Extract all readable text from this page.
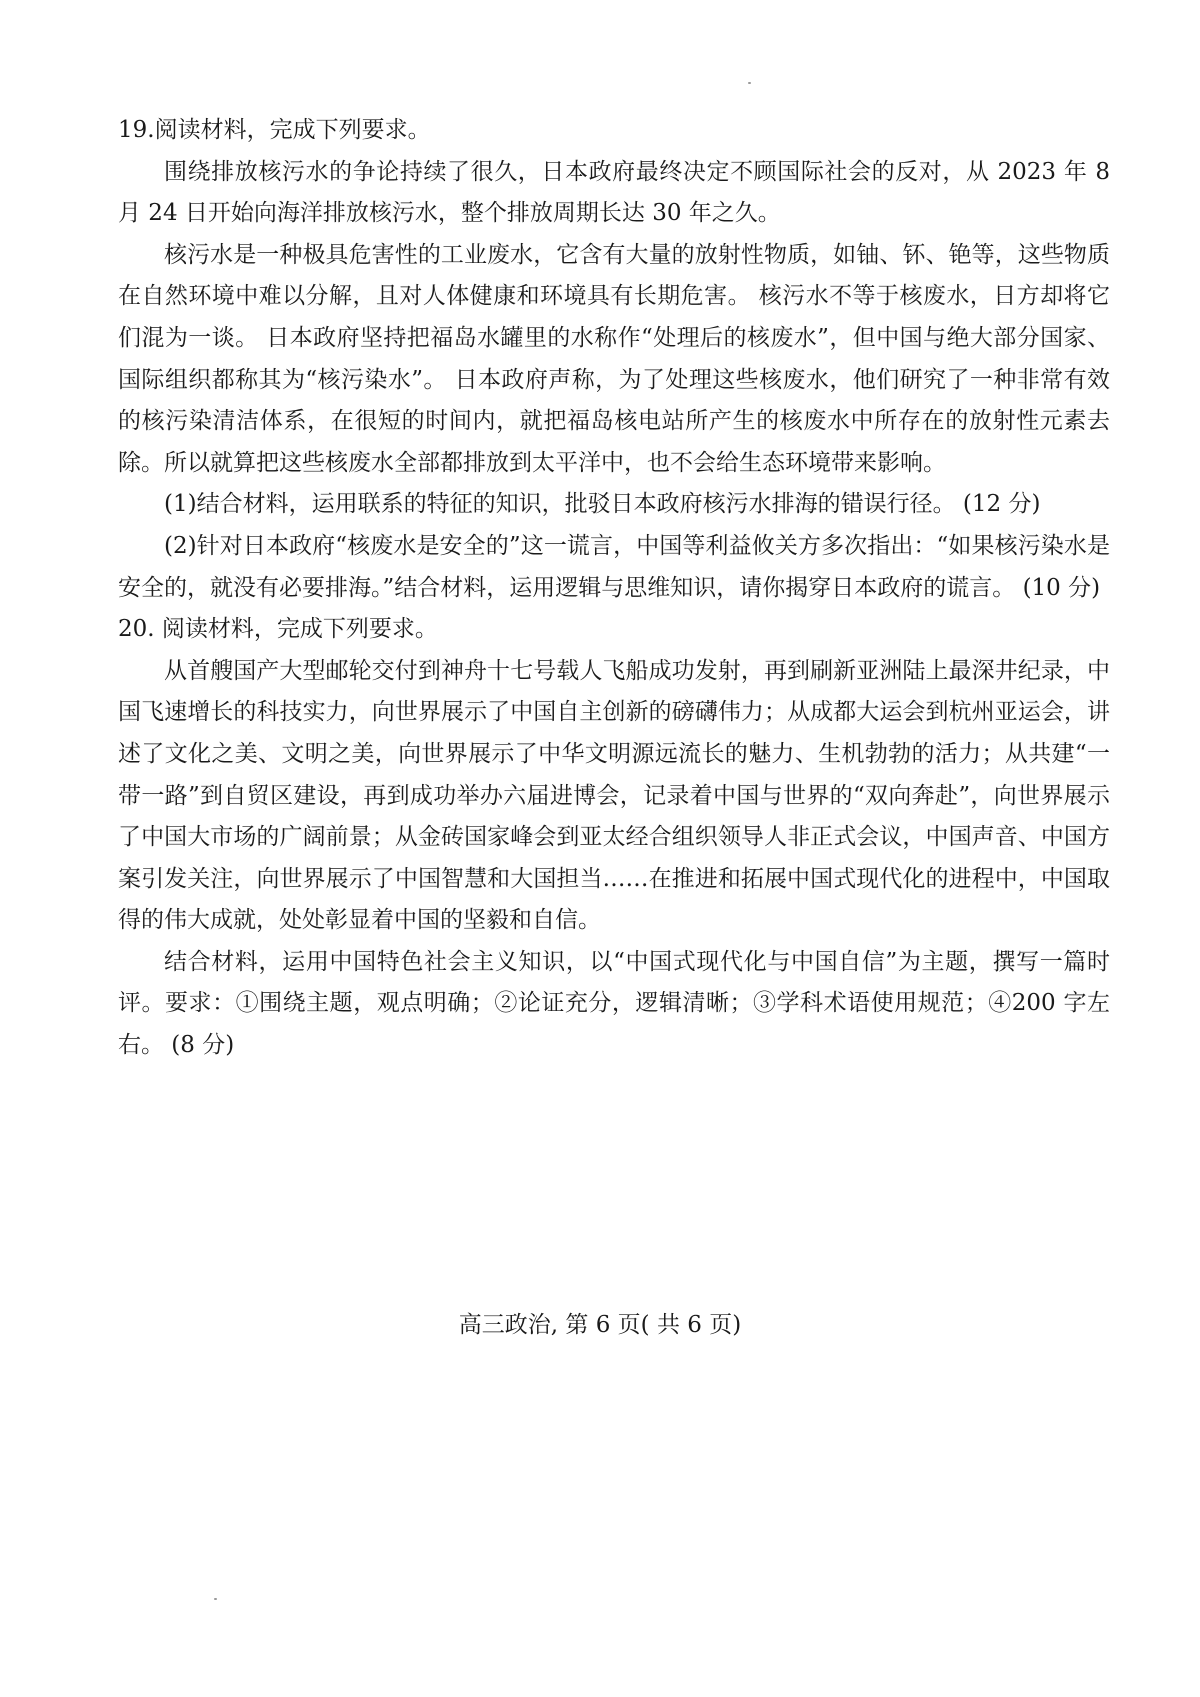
19.阅读材料，完成下列要求。

围绕排放核污水的争论持续了很久，日本政府最终决定不顾国际社会的反对，从 2023 年 8 月 24 日开始向海洋排放核污水，整个排放周期长达 30 年之久。

核污水是一种极具危害性的工业废水，它含有大量的放射性物质，如铀、钚、铯等，这些物质在自然环境中难以分解，且对人体健康和环境具有长期危害。 核污水不等于核废水，日方却将它们混为一谈。 日本政府坚持把福岛水罐里的水称作“处理后的核废水”，但中国与绝大部分国家、国际组织都称其为“核污染水”。 日本政府声称，为了处理这些核废水，他们研究了一种非常有效的核污染清洁体系，在很短的时间内，就把福岛核电站所产生的核废水中所存在的放射性元素去除。所以就算把这些核废水全部都排放到太平洋中，也不会给生态环境带来影响。

(1)结合材料，运用联系的特征的知识，批驳日本政府核污水排海的错误行径。 (12 分)

(2)针对日本政府“核废水是安全的”这一谎言，中国等利益攸关方多次指出：“如果核污染水是安全的，就没有必要排海。”结合材料，运用逻辑与思维知识，请你揭穿日本政府的谎言。 (10 分)

20. 阅读材料，完成下列要求。

从首艘国产大型邮轮交付到神舟十七号载人飞船成功发射，再到刷新亚洲陆上最深井纪录，中国飞速增长的科技实力，向世界展示了中国自主创新的磅礴伟力；从成都大运会到杭州亚运会，讲述了文化之美、文明之美，向世界展示了中华文明源远流长的魅力、生机勃勃的活力；从共建“一带一路”到自贸区建设，再到成功举办六届进博会，记录着中国与世界的“双向奔赴”，向世界展示了中国大市场的广阔前景；从金砖国家峰会到亚太经合组织领导人非正式会议，中国声音、中国方案引发关注，向世界展示了中国智慧和大国担当……在推进和拓展中国式现代化的进程中，中国取得的伟大成就，处处彰显着中国的坚毅和自信。

结合材料，运用中国特色社会主义知识，以“中国式现代化与中国自信”为主题，撰写一篇时评。要求：①围绕主题，观点明确；②论证充分，逻辑清晰；③学科术语使用规范；④200 字左右。 (8 分)

高三政治, 第 6 页( 共 6 页)
